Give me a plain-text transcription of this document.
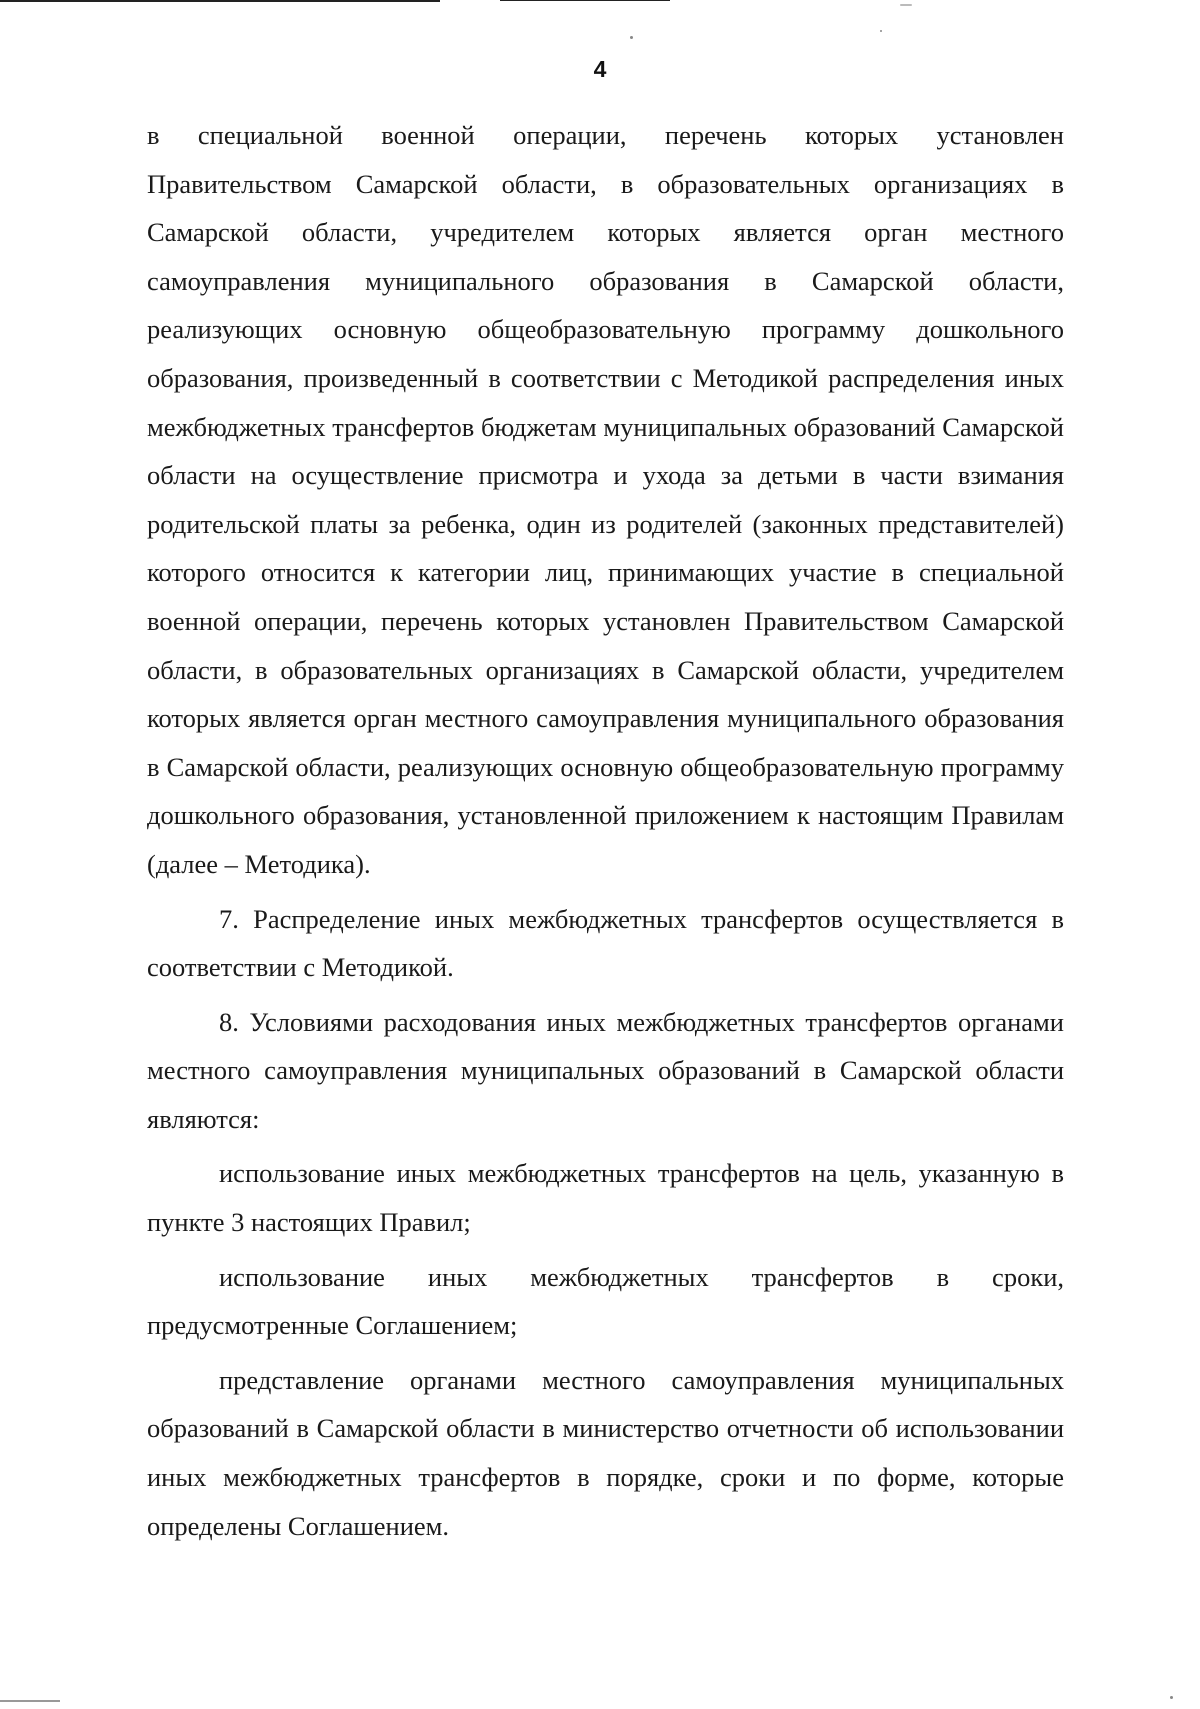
4

в специальной военной операции, перечень которых установлен Правительством Самарской области, в образовательных организациях в Самарской области, учредителем которых является орган местного самоуправления муниципального образования в Самарской области, реализующих основную общеобразовательную программу дошкольного образования, произведенный в соответствии с Методикой распределения иных межбюджетных трансфертов бюджетам муниципальных образований Самарской области на осуществление присмотра и ухода за детьми в части взимания родительской платы за ребенка, один из родителей (законных представителей) которого относится к категории лиц, принимающих участие в специальной военной операции, перечень которых установлен Правительством Самарской области, в образовательных организациях в Самарской области, учредителем которых является орган местного самоуправления муниципального образования в Самарской области, реализующих основную общеобразовательную программу дошкольного образования, установленной приложением к настоящим Правилам (далее – Методика).

7. Распределение иных межбюджетных трансфертов осуществляется в соответствии с Методикой.

8. Условиями расходования иных межбюджетных трансфертов органами местного самоуправления муниципальных образований в Самарской области являются:

использование иных межбюджетных трансфертов на цель, указанную в пункте 3 настоящих Правил;

использование иных межбюджетных трансфертов в сроки, предусмотренные Соглашением;

представление органами местного самоуправления муниципальных образований в Самарской области в министерство отчетности об использовании иных межбюджетных трансфертов в порядке, сроки и по форме, которые определены Соглашением.
